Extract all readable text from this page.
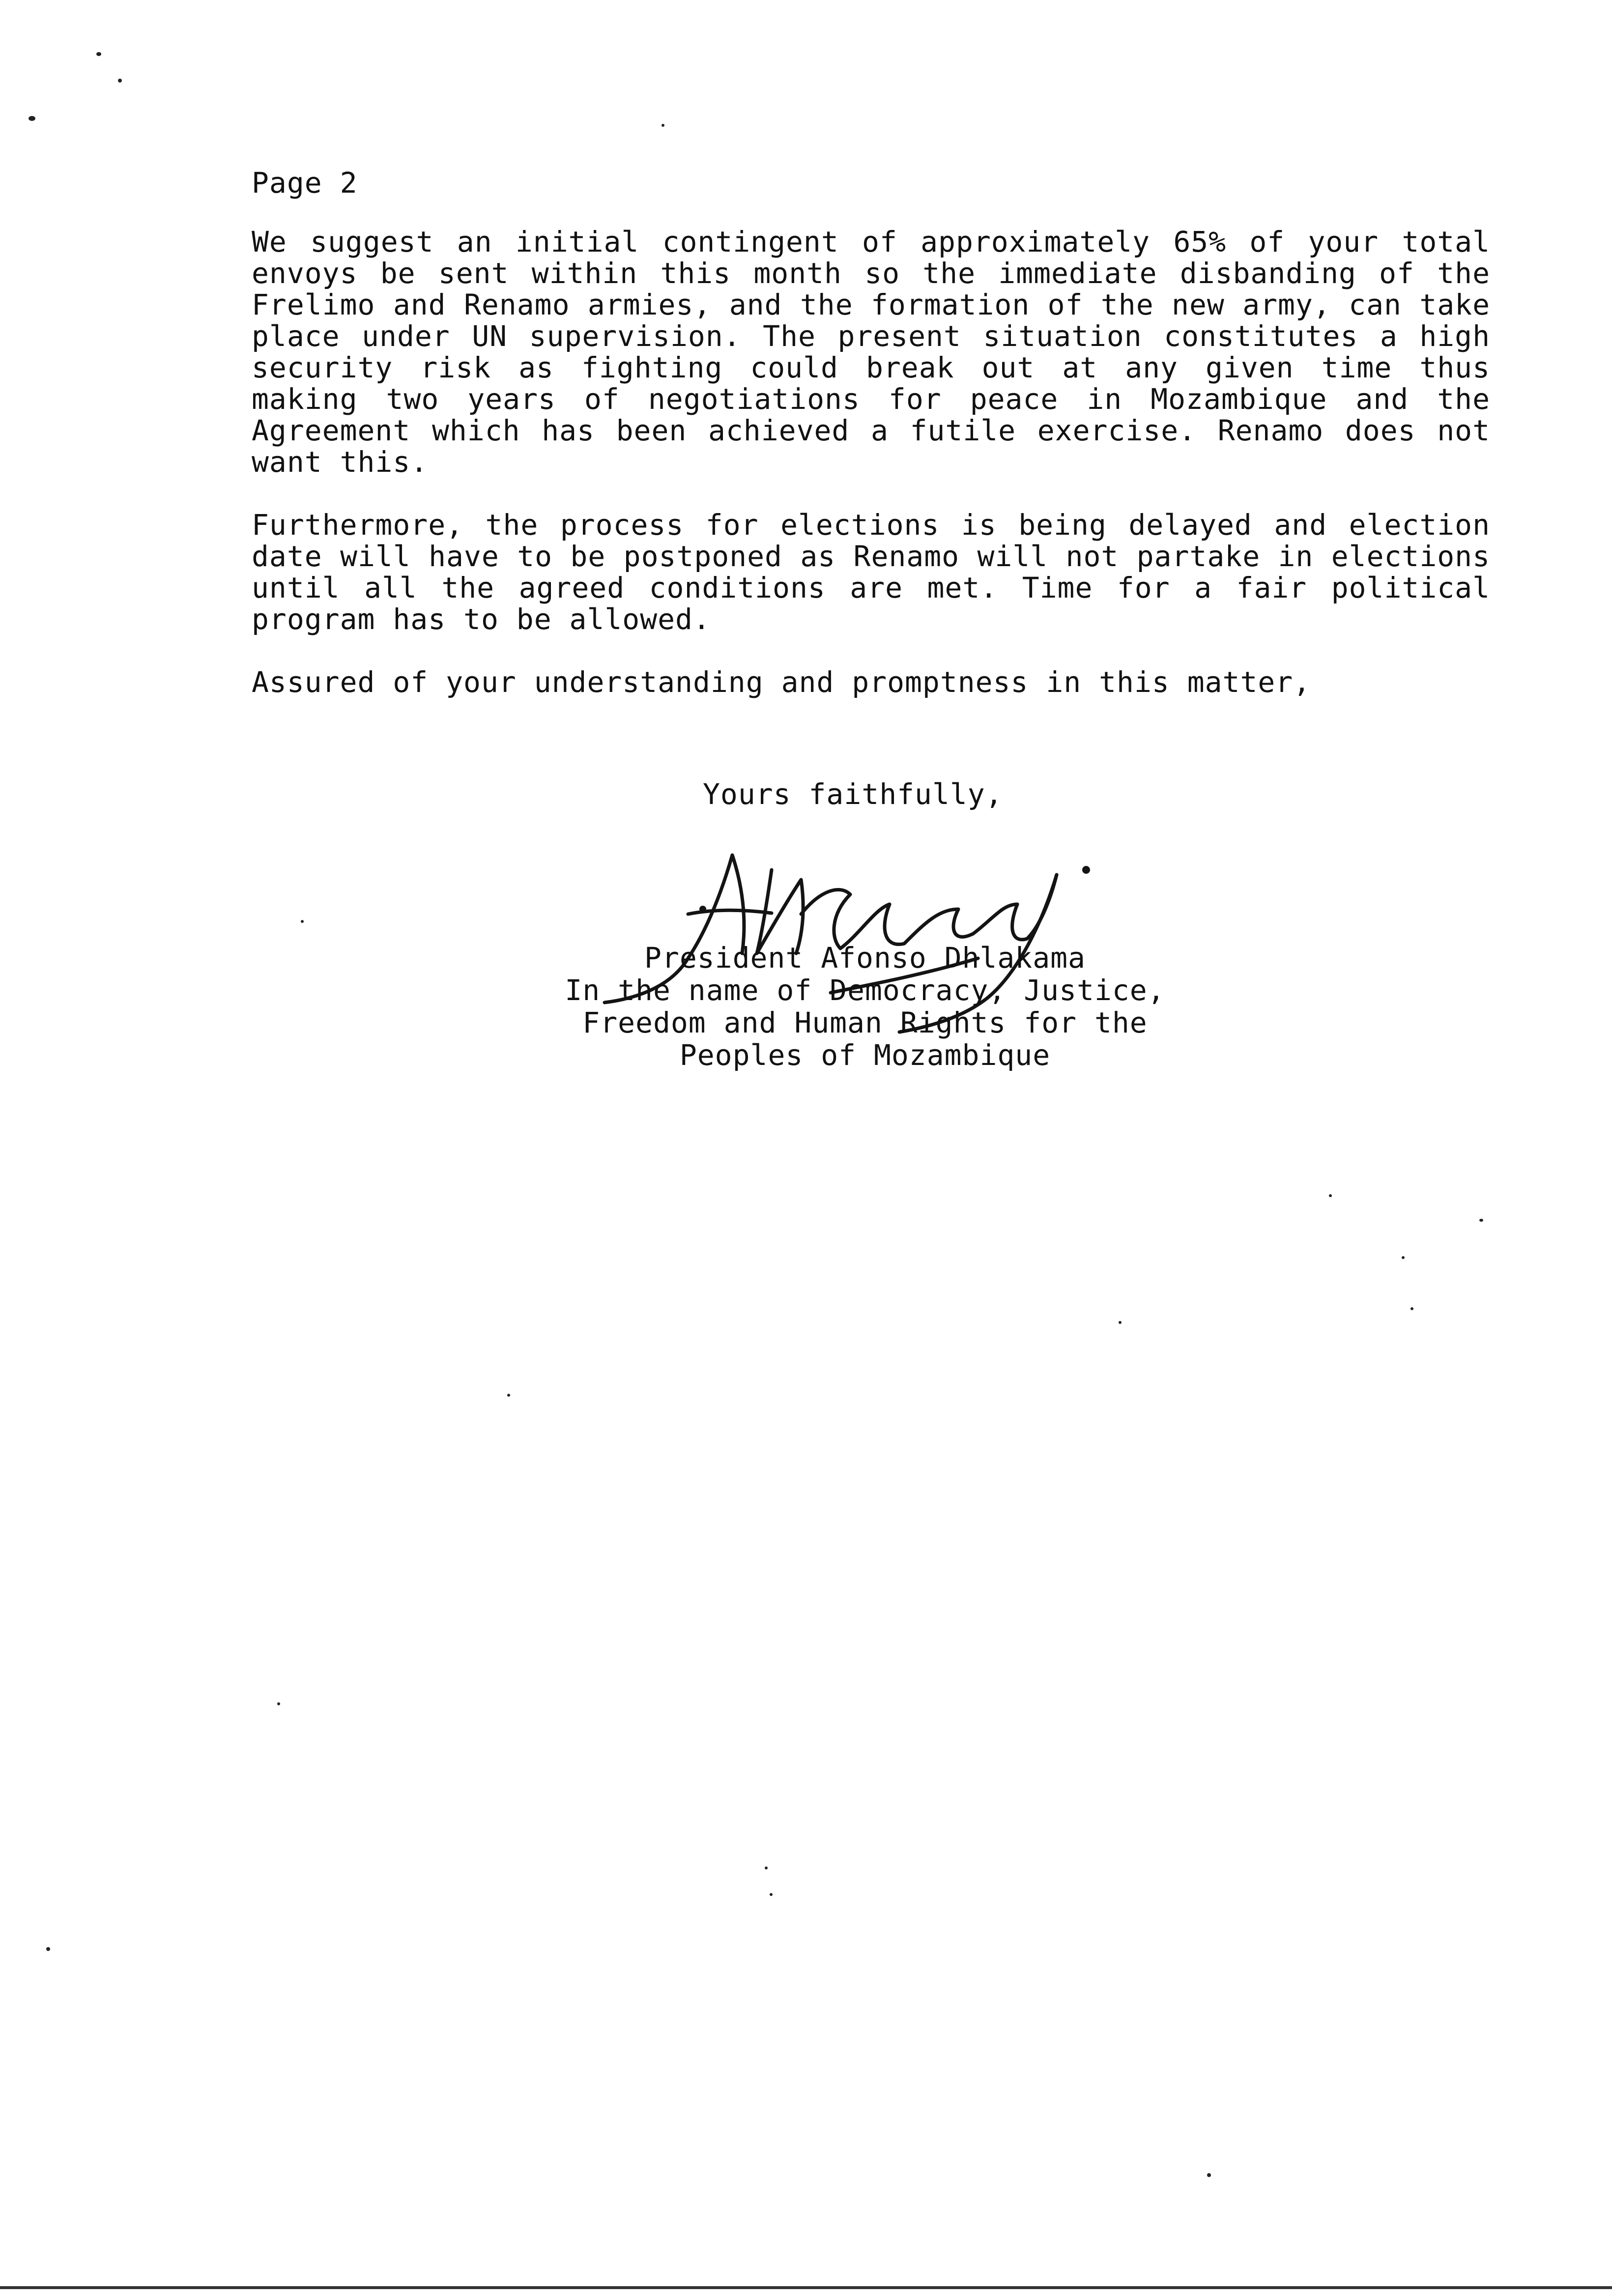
Page 2

We suggest an initial contingent of approximately 65% of your total envoys be sent within this month so the immediate disbanding of the Frelimo and Renamo armies, and the formation of the new army, can take place under UN supervision. The present situation constitutes a high security risk as fighting could break out at any given time thus making two years of negotiations for peace in Mozambique and the Agreement which has been achieved a futile exercise. Renamo does not want this.

Furthermore, the process for elections is being delayed and election date will have to be postponed as Renamo will not partake in elections until all the agreed conditions are met. Time for a fair political program has to be allowed.

Assured of your understanding and promptness in this matter,

Yours faithfully,
President Afonso Dhlakama
In the name of Democracy, Justice,
Freedom and Human Rights for the
Peoples of Mozambique
